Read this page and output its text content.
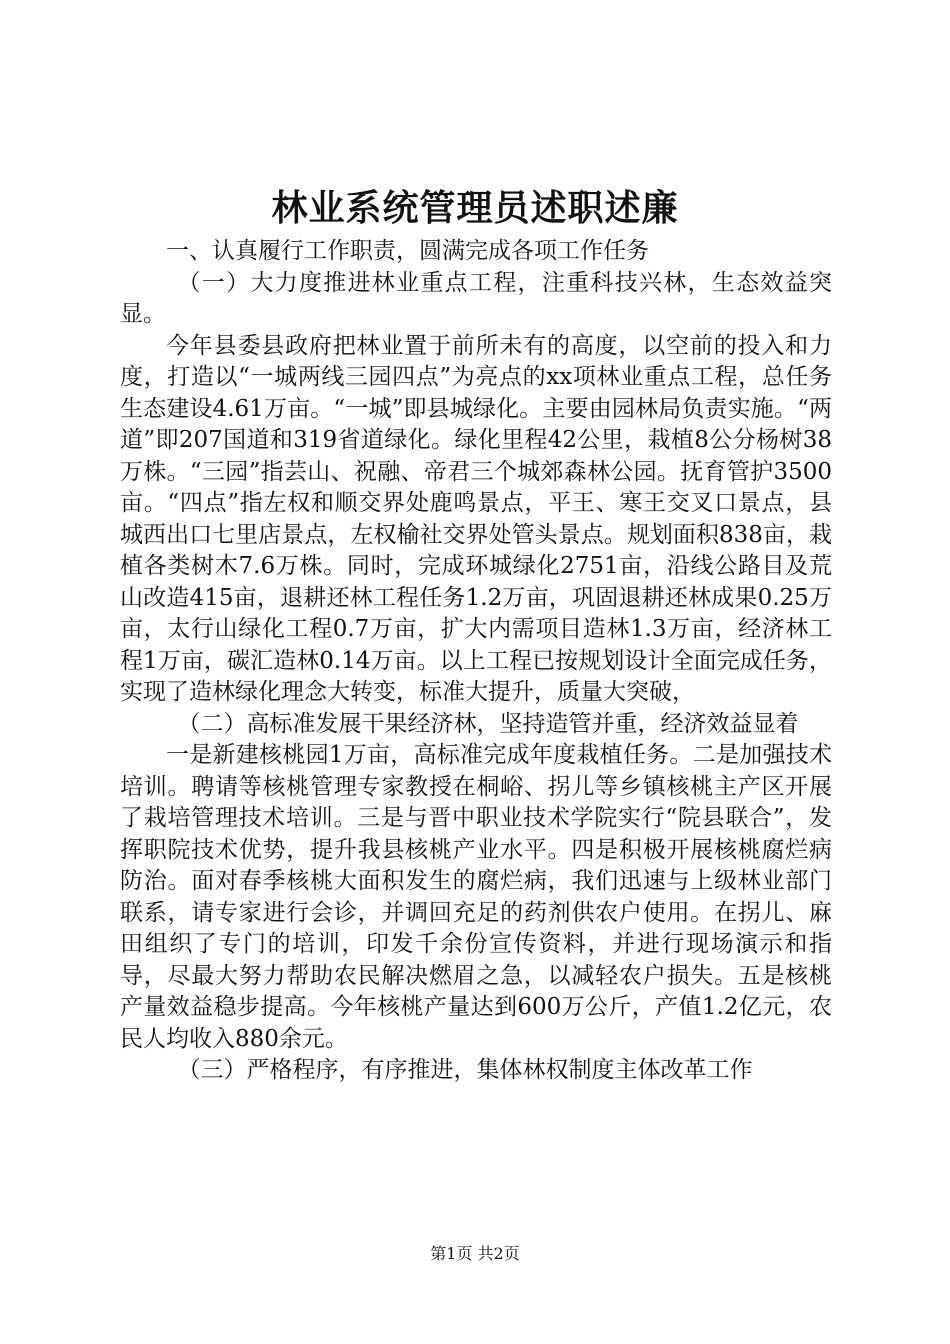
林业系统管理员述职述廉

一、认真履行工作职责，圆满完成各项工作任务

（一）大力度推进林业重点工程，注重科技兴林，生态效益突显。

今年县委县政府把林业置于前所未有的高度，以空前的投入和力度，打造以“一城两线三园四点”为亮点的xx项林业重点工程，总任务生态建设4.61万亩。“一城”即县城绿化。主要由园林局负责实施。“两道”即207国道和319省道绿化。绿化里程42公里，栽植8公分杨树38万株。“三园”指芸山、祝融、帝君三个城郊森林公园。抚育管护3500亩。“四点”指左权和顺交界处鹿鸣景点，平王、寒王交叉口景点，县城西出口七里店景点，左权榆社交界处管头景点。规划面积838亩，栽植各类树木7.6万株。同时，完成环城绿化2751亩，沿线公路目及荒山改造415亩，退耕还林工程任务1.2万亩，巩固退耕还林成果0.25万亩，太行山绿化工程0.7万亩，扩大内需项目造林1.3万亩，经济林工程1万亩，碳汇造林0.14万亩。以上工程已按规划设计全面完成任务，实现了造林绿化理念大转变，标准大提升，质量大突破，

（二）高标准发展干果经济林，坚持造管并重，经济效益显着

一是新建核桃园1万亩，高标准完成年度栽植任务。二是加强技术培训。聘请等核桃管理专家教授在桐峪、拐儿等乡镇核桃主产区开展了栽培管理技术培训。三是与晋中职业技术学院实行“院县联合”，发挥职院技术优势，提升我县核桃产业水平。四是积极开展核桃腐烂病防治。面对春季核桃大面积发生的腐烂病，我们迅速与上级林业部门联系，请专家进行会诊，并调回充足的药剂供农户使用。在拐儿、麻田组织了专门的培训，印发千余份宣传资料，并进行现场演示和指导，尽最大努力帮助农民解决燃眉之急，以减轻农户损失。五是核桃产量效益稳步提高。今年核桃产量达到600万公斤，产值1.2亿元，农民人均收入880余元。

（三）严格程序，有序推进，集体林权制度主体改革工作

第1页 共2页
